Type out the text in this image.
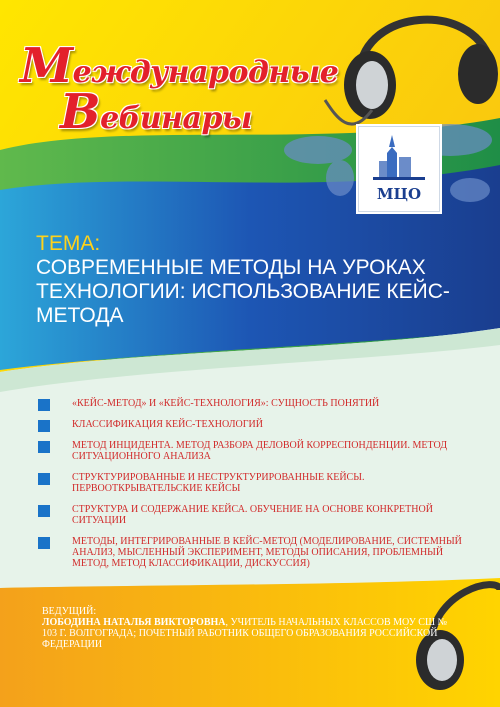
Международные
Вебинары
МЦО
ТЕМА:
СОВРЕМЕННЫЕ МЕТОДЫ НА УРОКАХ ТЕХНОЛОГИИ: ИСПОЛЬЗОВАНИЕ КЕЙС-МЕТОДА
«КЕЙС-МЕТОД» И «КЕЙС-ТЕХНОЛОГИЯ»: СУЩНОСТЬ ПОНЯТИЙ
КЛАССИФИКАЦИЯ КЕЙС-ТЕХНОЛОГИЙ
МЕТОД ИНЦИДЕНТА. МЕТОД РАЗБОРА ДЕЛОВОЙ КОРРЕСПОНДЕНЦИИ. МЕТОД СИТУАЦИОННОГО АНАЛИЗА
СТРУКТУРИРОВАННЫЕ И НЕСТРУКТУРИРОВАННЫЕ КЕЙСЫ. ПЕРВООТКРЫВАТЕЛЬСКИЕ КЕЙСЫ
СТРУКТУРА И СОДЕРЖАНИЕ КЕЙСА. ОБУЧЕНИЕ НА ОСНОВЕ КОНКРЕТНОЙ СИТУАЦИИ
МЕТОДЫ, ИНТЕГРИРОВАННЫЕ В КЕЙС-МЕТОД (МОДЕЛИРОВАНИЕ, СИСТЕМНЫЙ АНАЛИЗ, МЫСЛЕННЫЙ ЭКСПЕРИМЕНТ, МЕТОДЫ ОПИСАНИЯ, ПРОБЛЕМНЫЙ МЕТОД, МЕТОД КЛАССИФИКАЦИИ, ДИСКУССИЯ)
ВЕДУЩИЙ:
ЛОБОДИНА НАТАЛЬЯ ВИКТОРОВНА, УЧИТЕЛЬ НАЧАЛЬНЫХ КЛАССОВ МОУ СШ № 103 Г. ВОЛГОГРАДА; ПОЧЕТНЫЙ РАБОТНИК ОБЩЕГО ОБРАЗОВАНИЯ РОССИЙСКОЙ ФЕДЕРАЦИИ
